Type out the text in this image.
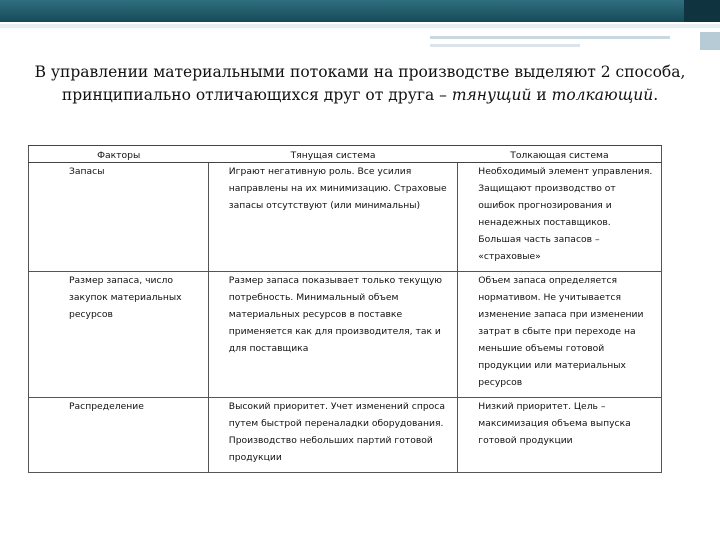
В управлении материальными потоками на производстве выделяют 2 способа,
принципиально отличающихся друг от друга – тянущий и толкающий.
Факторы	Тянущая система	Толкающая система
Запасы	Играют негативную роль. Все усилия направлены на их минимизацию. Страховые запасы отсутствуют (или минимальны)	Необходимый элемент управления. Защищают производство от ошибок прогнозирования и ненадежных поставщиков. Большая часть запасов – «страховые»
Размер запаса, число закупок материальных ресурсов	Размер запаса показывает только текущую потребность. Минимальный объем материальных ресурсов в поставке применяется как для производителя, так и для поставщика	Объем запаса определяется нормативом. Не учитывается изменение запаса при изменении затрат в сбыте при переходе на меньшие объемы готовой продукции или материальных ресурсов
Распределение	Высокий приоритет. Учет изменений спроса путем быстрой переналадки оборудования. Производство небольших партий готовой продукции	Низкий приоритет. Цель – максимизация объема выпуска готовой продукции
